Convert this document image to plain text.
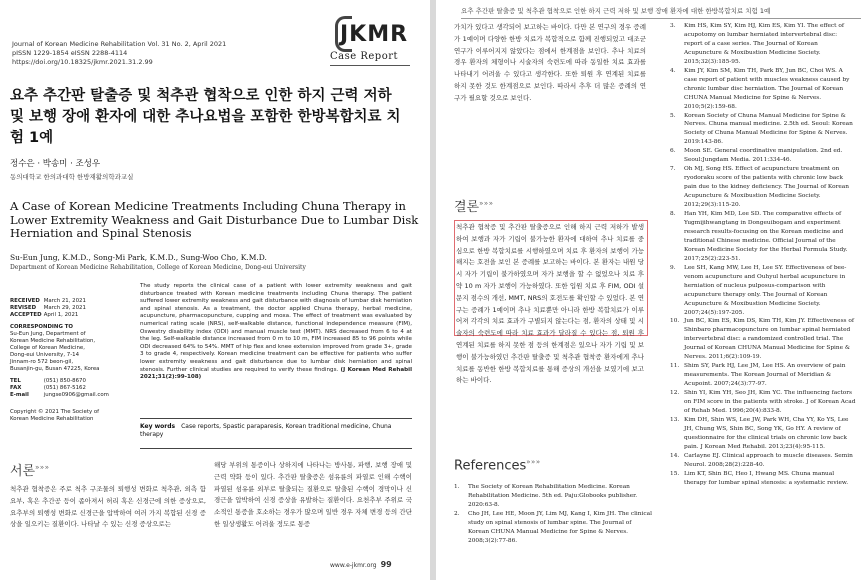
Journal of Korean Medicine Rehabilitation Vol. 31 No. 2, April 2021
pISSN 1229-1854 eISSN 2288-4114
https://doi.org/10.18325/jkmr.2021.31.2.99
JKMR
Case Report
요추 추간판 탈출증 및 척추관 협착으로 인한 하지 근력 저하 및 보행 장애 환자에 대한 추나요법을 포함한 한방복합치료 치험 1예
정수은 · 박송미 · 조성우
동의대학교 한의과대학 한방재활의학과교실
A Case of Korean Medicine Treatments Including Chuna Therapy in Lower Extremity Weakness and Gait Disturbance Due to Lumbar Disk Herniation and Spinal Stenosis
Su-Eun Jung, K.M.D., Song-Mi Park, K.M.D., Sung-Woo Cho, K.M.D.
Department of Korean Medicine Rehabilitation, College of Korean Medicine, Dong-eui University
RECEIVED March 21, 2021
REVISED March 29, 2021
ACCEPTED April 1, 2021
CORRESPONDING TO
Su-Eun Jung, Department of
Korean Medicine Rehabilitation,
College of Korean Medicine,
Dong-eui University, 7-14
Jinnam-ro 572 beon-gil,
Busanjin-gu, Busan 47225, Korea
TEL	(051) 850-8670
FAX	(051) 867-5162
E-mail	jungse0906@gmail.com
Copyright © 2021 The Society of
Korean Medicine Rehabilitation
The study reports the clinical case of a patient with lower extremity weakness and gait disturbance treated with Korean medicine treatments including Chuna therapy. The patient suffered lower extremity weakness and gait disturbance with diagnosis of lumbar disk herniation and spinal stenosis. As a treatment, the doctor applied Chuna therapy, herbal medicine, acupuncture, pharmacopuncture, cupping and moxa. The effect of treatment was evaluated by numerical rating scale (NRS), self-walkable distance, functional independence measure (FIM), Oswestry disability index (ODI) and manual muscle test (MMT). NRS decreased from 6 to 4 at the leg. Self-walkable distance increased from 0 m to 10 m, FIM increased 85 to 96 points while ODI decreased 64% to 54%. MMT of hip flex and knee extension improved from grade 3+, grade 3 to grade 4, respectively. Korean medicine treatment can be effective for patients who suffer lower extremity weakness and gait disturbance due to lumbar disk herniation and spinal stenosis. Further clinical studies are required to verify these findings. (J Korean Med Rehabil 2021;31(2):99-108)
Key words Case reports, Spastic paraparesis, Korean traditional medicine, Chuna therapy
서론»»»
척추관 협착증은 주로 척추 구조물의 퇴행성 변화로 척추관, 외측 함요부, 혹은 추간공 등이 좁아져서 허리 혹은 신경근에 의한 증상으로, 요추부의 퇴행성 변화로 신경근을 압박하여 여러 가지 복합된 신경 증상을 일으키는 질환이다. 나타날 수 있는 신경 증상으로는
해당 부위의 통증이나 상하지에 나타나는 방사통, 파행, 보행 장애 및 근력 약화 등이 있다. 추간판 탈출증은 섬유륜의 파열로 인해 수핵이 파열된 섬유륜 외부로 탈출되는 질환으로 탈출된 수핵이 경막이나 신경근을 압박하여 신경 증상을 유발하는 질환이다. 요천추부 주위로 국소적인 통증을 호소하는 경우가 많으며 일반 경우 자체 변경 등의 간단한 일상생활도 어려울 정도로 통증
www.e-jkmr.org 99
요추 추간판 탈출증 및 척추관 협착으로 인한 하지 근력 저하 및 보행 장애 환자에 대한 한방복합치료 치험 1예
가치가 있다고 생각되어 보고하는 바이다. 다만 본 연구의 경우 증례가 1예이며 다양한 한방 치료가 복합적으로 함께 진행되었고 대조군 연구가 이루어지지 않았다는 점에서 한계점을 보인다. 추나 치료의 경우 환자의 체형이나 시술자의 숙련도에 따라 동일한 치료 효과를 나타내기 어려울 수 있다고 생각한다. 또한 퇴원 후 연계된 치료를 하지 못한 것도 한계점으로 보인다. 따라서 추후 더 많은 증례의 연구가 필요할 것으로 보인다.
결론»»»
척추관 협착증 및 추간판 탈출증으로 인해 하지 근력 저하가 발생하여 보행과 자가 기립이 불가능한 환자에 대하여 추나 치료를 중심으로 한방 복합치료를 시행하였으며 치료 후 환자의 보행이 가능해지는 호전을 보인 본 증례를 보고하는 바이다. 본 환자는 내원 당시 자가 기립이 불가하였으며 자가 보행을 할 수 없었으나 치료 후 약 10 m 자가 보행이 가능하였다. 또한 입원 치료 후 FIM, ODI 설문지 점수의 개선, MMT, NRS의 호전도를 확인할 수 있었다. 본 연구는 증례가 1예이며 추나 치료뿐만 아니라 한방 복합치료가 이루어져 각각의 치료 효과가 구별되지 않는다는 점, 환자의 상태 및 시술자의 숙련도에 따라 치료 효과가 달라질 수 있다는 점, 퇴원 후 연계된 치료를 하지 못한 점 등의 한계점은 있으나 자가 기립 및 보행이 불가능하였던 추간판 탈출증 및 척추관 협착증 환자에게 추나 치료를 동반한 한방 복합치료를 통해 증상의 개선을 보였기에 보고하는 바이다.
References»»»
1. The Society of Korean Rehabilitation Medicine. Korean Rehabilitation Medicine. 5th ed. Paju:Globooks publisher. 2020:63-8.
2. Cho JH, Lee HE, Moon JY, Lim MJ, Kang I, Kim JH. The clinical study on spinal stenosis of lumbar spine. The Journal of Korean CHUNA Manual Medicine for Spine & Nerves. 2008;3(2):77-86.
3. Kim HS, Kim SY, Kim HJ, Kim ES, Kim YI. The effect of acupotomy on lumbar herniated intervertebral disc: report of a case series. The Journal of Korean Acupuncture & Moxibustion Medicine Society. 2015;32(3):185-95.
4. Kim JY, Kim SM, Kim TH, Park BY, Jun BC, Choi WS. A case report of patient with muscles weakness caused by chronic lumbar disc herniation. The Journal of Korean CHUNA Manual Medicine for Spine & Nerves. 2010;5(2):159-68.
5. Korean Society of Chuna Manual Medicine for Spine & Nerves. Chuna manual medicine. 2.5th ed. Seoul: Korean Society of Chuna Manual Medicine for Spine & Nerves. 2019:143-86.
6. Moon SE. General coordinative manipulation. 2nd ed. Seoul:Jungdam Media. 2011:334-46.
7. Oh MJ, Song HS. Effect of acupuncture treatment on ryodoraku score of the patients with chronic low back pain due to the kidney deficiency. The Journal of Korean Acupuncture & Moxibustion Medicine Society. 2012;29(3):115-20.
8. Han YH, Kim MD, Lee SD. The comparative effects of Yugmijihwangtang in Dongeuibogam and experiment research results-focusing on the Korean medicine and traditional Chinese medicine. Official Journal of the Korean Medicine Society for the Herbal Formula Study. 2017;25(2):223-51.
9. Lee SH, Kang MW, Lee H, Lee SY. Effectiveness of bee-venom acupuncture and Ouhyul herbal acupuncture in herniation of nucleus pulposus-comparison with acupuncture therapy only. The Journal of Korean Acupuncture & Moxibustion Medicine Society. 2007;24(5):197-205.
10. Jun BC, Kim ES, Kim DS, Kim TH, Kim JY. Effectiveness of Shinbaro pharmacopuncture on lumbar spinal herniated intervertebral disc: a randomized controlled trial. The Journal of Korean CHUNA Manual Medicine for Spine & Nerves. 2011;6(2):109-19.
11. Shim SY, Park HJ, Lee JM, Lee HS. An overview of pain measurements. The Korean Journal of Meridian & Acupoint. 2007;24(3):77-97.
12. Shin YI, Kim YH, Seo JH, Kim YC. The influencing factors on FIM score in the patients with stroke. J of Korean Acad of Rehab Med. 1996;20(4):833-8.
13. Kim DH, Shin WS, Lee JW, Park WH, Cha YY, Ko YS, Lee JH, Chung WS, Shin BC, Song YK, Go HY. A review of questionnaire for the clinical trials on chronic low back pain. J Korean Med Rehabil. 2013;23(4):95-115.
14. Carlayne EJ. Clinical approach to muscle diseases. Semin Neurol. 2008;28(2):228-40.
15. Lim KT, Shin BC, Heo I, Hwang MS. Chuna manual therapy for lumbar spinal stenosis: a systematic review.
